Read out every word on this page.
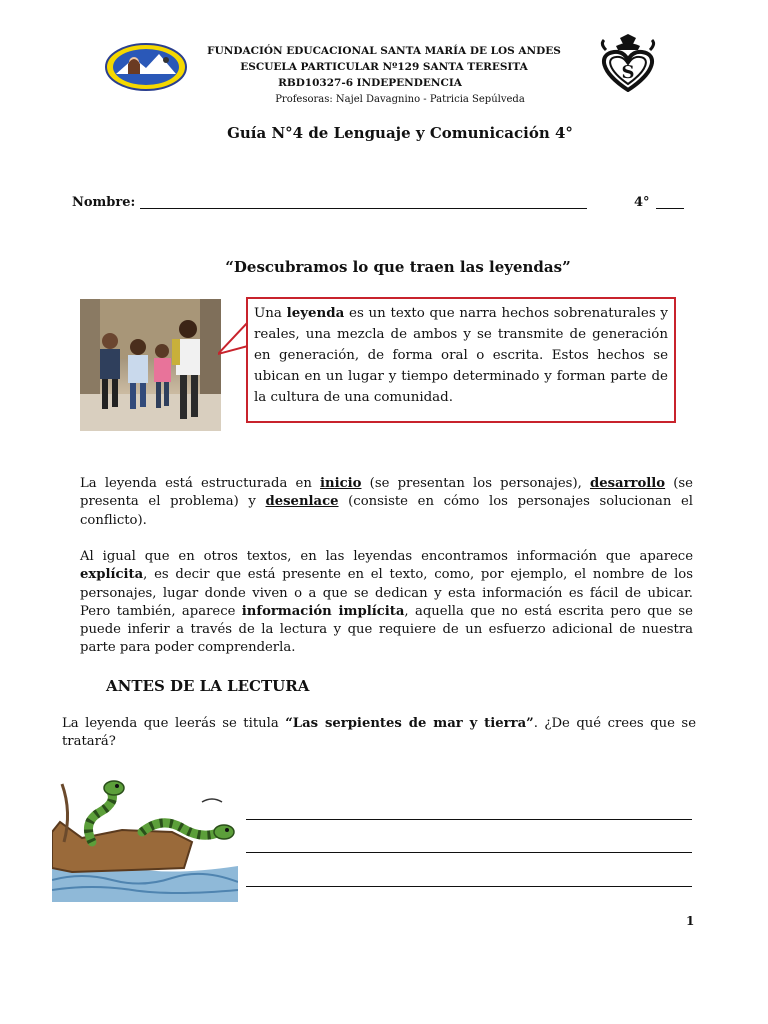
S
FUNDACIÓN EDUCACIONAL SANTA MARÍA DE LOS ANDES
ESCUELA PARTICULAR Nº129 SANTA TERESITA
RBD10327-6 INDEPENDENCIA
Profesoras: Najel Davagnino - Patricia Sepúlveda
Guía N°4 de Lenguaje y Comunicación 4°
Nombre:	4°
“Descubramos lo que traen las leyendas”
Una leyenda es un texto que narra hechos sobrenaturales y reales, una mezcla de ambos y se transmite de generación en generación, de forma oral o escrita. Estos hechos se ubican en un lugar y tiempo determinado y forman parte de la cultura de una comunidad.
La leyenda está estructurada en inicio (se presentan los personajes), desarrollo (se presenta el problema) y desenlace (consiste en cómo los personajes solucionan el conflicto).
Al igual que en otros textos, en las leyendas encontramos información que aparece explícita, es decir que está presente en el texto, como, por ejemplo, el nombre de los personajes, lugar donde viven o a que se dedican y esta información es fácil de ubicar. Pero también, aparece información implícita, aquella que no está escrita pero que se puede inferir a través de la lectura y que requiere de un esfuerzo adicional de nuestra parte para poder comprenderla.
ANTES DE LA LECTURA
La leyenda que leerás se titula “Las serpientes de mar y tierra”. ¿De qué crees que se tratará?
1
